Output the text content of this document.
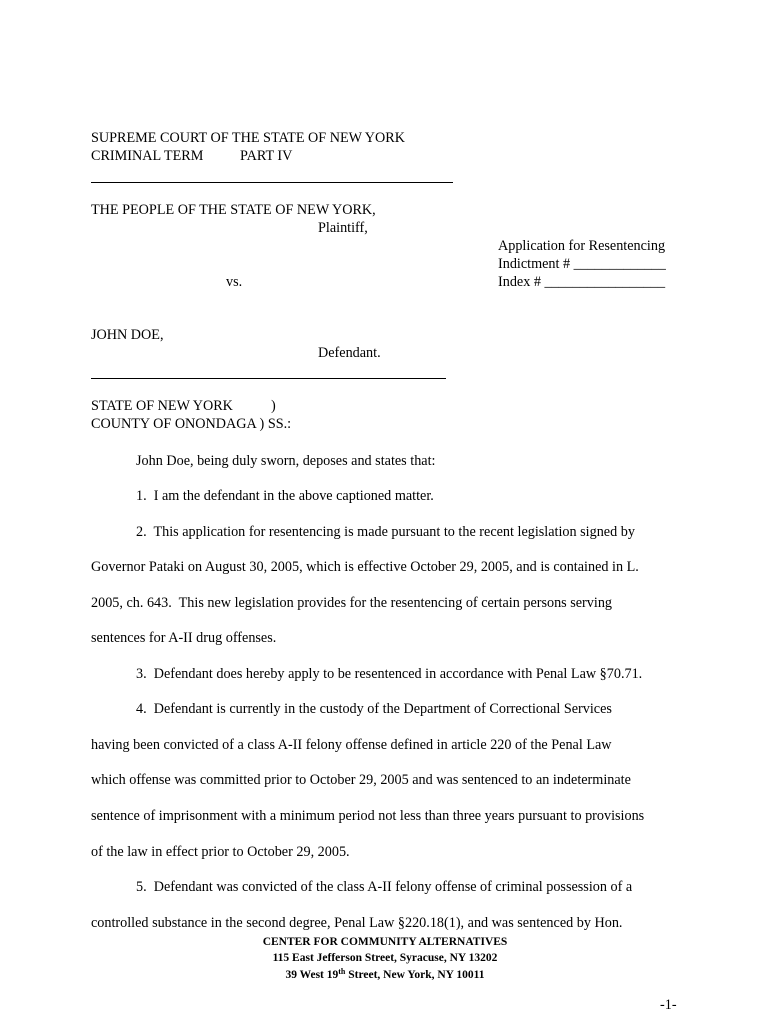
SUPREME COURT OF THE STATE OF NEW YORK
CRIMINAL TERM	PART IV
THE PEOPLE OF THE STATE OF NEW YORK,
Plaintiff,
Application for Resentencing
Indictment # _____________
Index # _________________
vs.
JOHN DOE,
Defendant.
STATE OF NEW YORK	)
COUNTY OF ONONDAGA ) SS.:
John Doe, being duly sworn, deposes and states that:
1.  I am the defendant in the above captioned matter.
2.  This application for resentencing is made pursuant to the recent legislation signed by
Governor Pataki on August 30, 2005, which is effective October 29, 2005, and is contained in L.
2005, ch. 643.  This new legislation provides for the resentencing of certain persons serving
sentences for A-II drug offenses.
3.  Defendant does hereby apply to be resentenced in accordance with Penal Law §70.71.
4.  Defendant is currently in the custody of the Department of Correctional Services
having been convicted of a class A-II felony offense defined in article 220 of the Penal Law
which offense was committed prior to October 29, 2005 and was sentenced to an indeterminate
sentence of imprisonment with a minimum period not less than three years pursuant to provisions
of the law in effect prior to October 29, 2005.
5.  Defendant was convicted of the class A-II felony offense of criminal possession of a
controlled substance in the second degree, Penal Law §220.18(1), and was sentenced by Hon.
CENTER FOR COMMUNITY ALTERNATIVES
115 East Jefferson Street, Syracuse, NY 13202
39 West 19th Street, New York, NY 10011
-1-
